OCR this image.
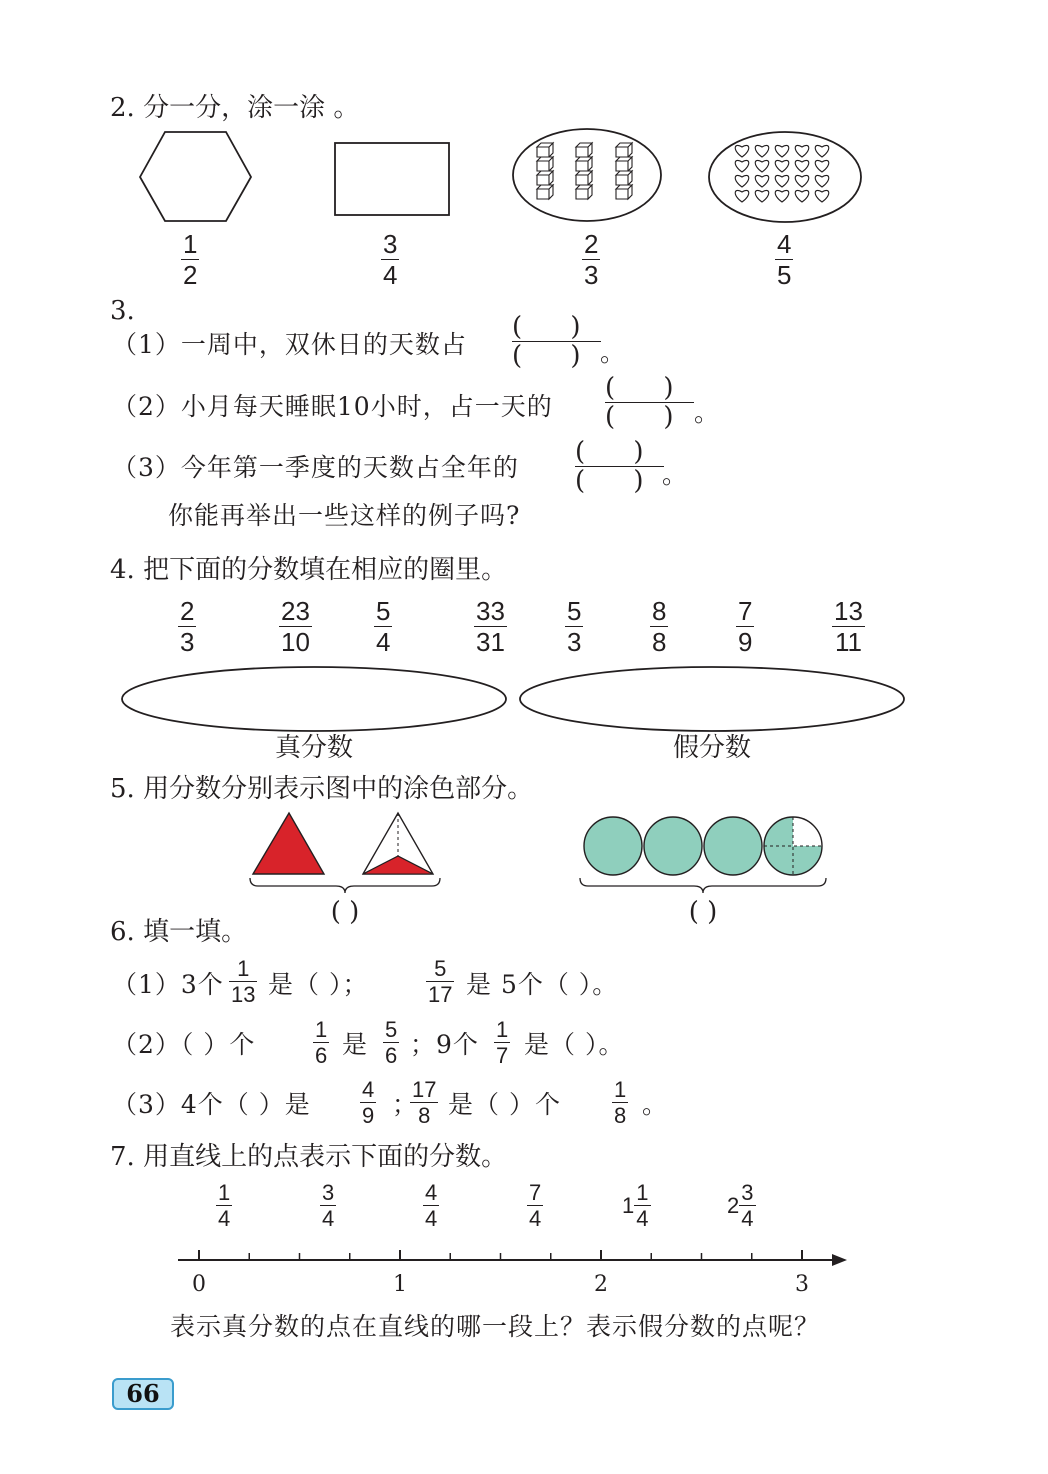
2. 分一分，涂一涂 。
1
2
3
4
2
3
4
5
3.
（1）一周中，双休日的天数占
( )
( ) 。
（2）小月每天睡眠10小时，占一天的
( )
( ) 。
（3）今年第一季度的天数占全年的
( )
( )
。
你能再举出一些这样的例子吗?
4. 把下面的分数填在相应的圈里。
2
3
23
10
5
4
33
31
5
3
8
8
7
9
13
11
真分数	假分数
5. 用分数分别表示图中的涂色部分。
( )	( )
6. 填一填。
（1）3个
1
13 是（ ）；
5
17 是 5个（ ）。
（2）（ ）个
1
6 是
5
6 ；9个
1
7 是（ ）。
（3）4个（ ）是
4
9 ；
17
8 是（ ）个
1
8 。
7. 用直线上的点表示下面的分数。
$\frac{1}{4}$	$\frac{3}{4}$	$\frac{4}{4}$	$\frac{7}{4}$	$1 \frac{1}{4}$	$2 \frac{3}{4}$
0	1	2	3
表示真分数的点在直线的哪一段上？表示假分数的点呢？
66
